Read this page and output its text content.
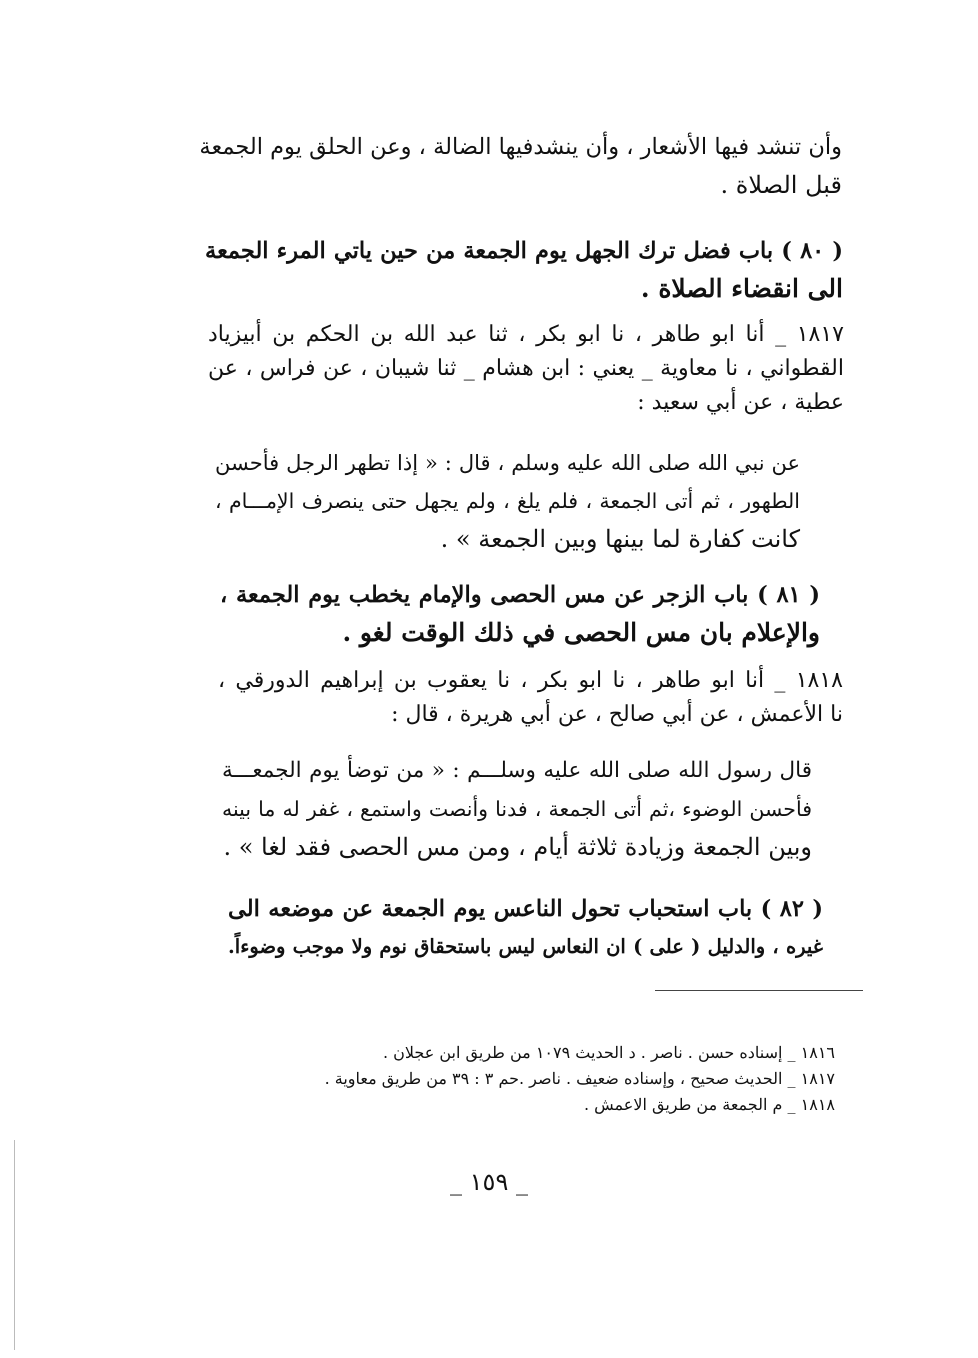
وأن تنشد فيها الأشعار ، وأن ينشدفيها الضالة ، وعن الحلق يوم الجمعة
قبل الصلاة .
( ٨٠ ) باب فضل ترك الجهل يوم الجمعة من حين ياتي المرء الجمعة
الى انقضاء الصلاة .
١٨١٧ _ أنا ابو طاهر ، نا ابو بكر ، ثنا عبد الله بن الحكم بن أبيزياد
القطواني ، نا معاوية _ يعني : ابن هشام _ ثنا شيبان ، عن فراس ، عن
عطية ، عن أبي سعيد :
عن نبي الله صلى الله عليه وسلم ، قال : « إذا تطهر الرجل فأحسن
الطهور ، ثم أتى الجمعة ، فلم يلغ ، ولم يجهل حتى ينصرف الإمـــام ،
كانت كفارة لما بينها وبين الجمعة » .
( ٨١ ) باب الزجر عن مس الحصى والإمام يخطب يوم الجمعة ،
والإعلام بان مس الحصى في ذلك الوقت لغو .
١٨١٨ _ أنا ابو طاهر ، نا ابو بكر ، نا يعقوب بن إبراهيم الدورقي ،
نا الأعمش ، عن أبي صالح ، عن أبي هريرة ، قال :
قال رسول الله صلى الله عليه وسلـــم : « من توضأ يوم الجمعـــة
فأحسن الوضوء ،ثم أتى الجمعة ، فدنا وأنصت واستمع ، غفر له ما بينه
وبين الجمعة وزيادة ثلاثة أيام ، ومن مس الحصى فقد لغا » .
( ٨٢ ) باب استحباب تحول الناعس يوم الجمعة عن موضعه الى
غيره ، والدليل ( على ) ان النعاس ليس باستحقاق نوم ولا موجب وضوءاً.
١٨١٦ _ إسناده حسن . ناصر . د الحديث ١٠٧٩ من طريق ابن عجلان .
١٨١٧ _ الحديث صحيح ، وإسناده ضعيف . ناصر .حم ٣ : ٣٩ من طريق معاوية .
١٨١٨ _ م الجمعة من طريق الاعمش .
_ ١٥٩ _
